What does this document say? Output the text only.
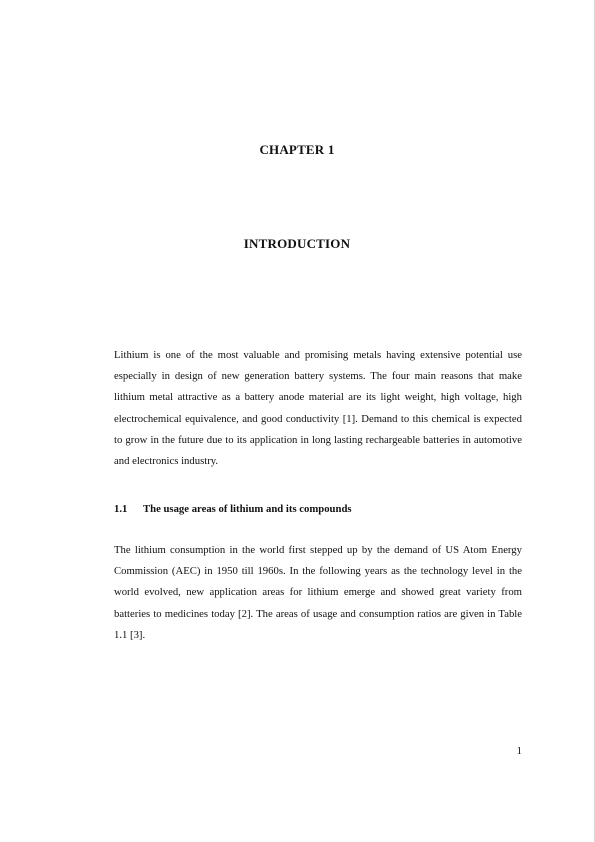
CHAPTER 1
INTRODUCTION

Lithium is one of the most valuable and promising metals having extensive potential use especially in design of new generation battery systems. The four main reasons that make lithium metal attractive as a battery anode material are its light weight, high voltage, high electrochemical equivalence, and good conductivity [1]. Demand to this chemical is expected to grow in the future due to its application in long lasting rechargeable batteries in automotive and electronics industry.

1.1 The usage areas of lithium and its compounds

The lithium consumption in the world first stepped up by the demand of US Atom Energy Commission (AEC) in 1950 till 1960s. In the following years as the technology level in the world evolved, new application areas for lithium emerge and showed great variety from batteries to medicines today [2]. The areas of usage and consumption ratios are given in Table 1.1 [3].

1
